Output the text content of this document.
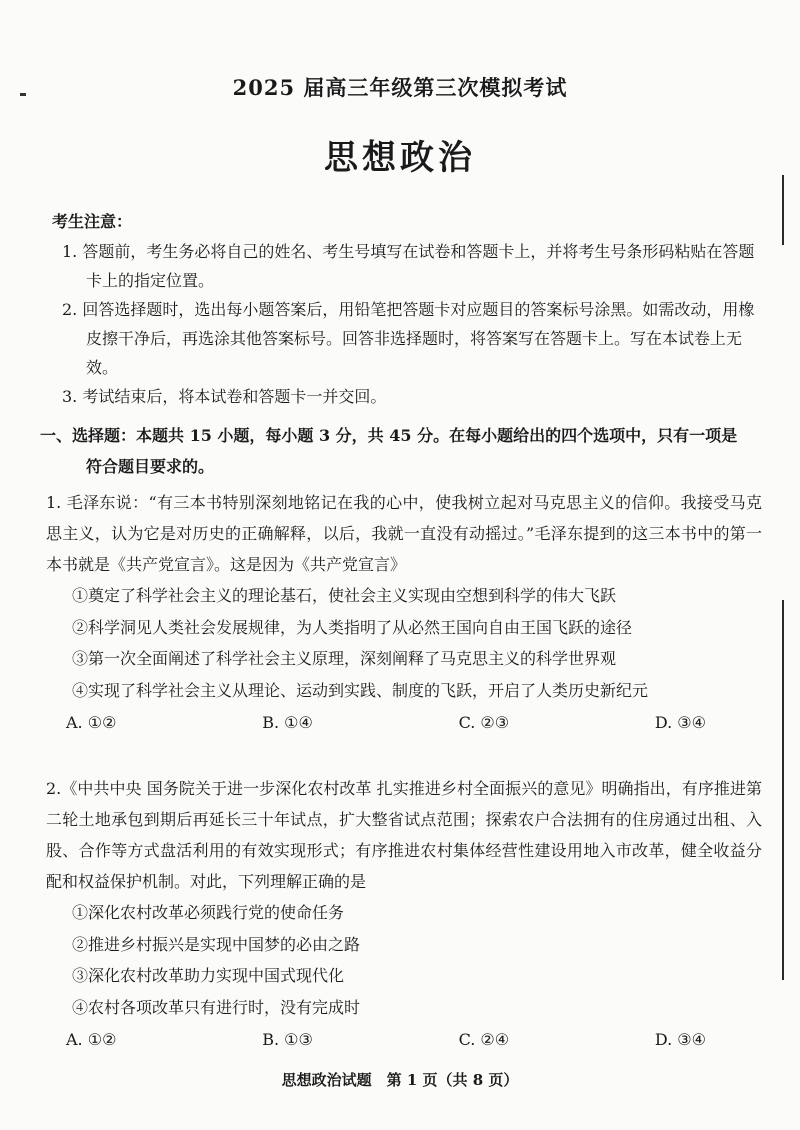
2025 届高三年级第三次模拟考试
思想政治
考生注意：
1. 答题前，考生务必将自己的姓名、考生号填写在试卷和答题卡上，并将考生号条形码粘贴在答题卡上的指定位置。
2. 回答选择题时，选出每小题答案后，用铅笔把答题卡对应题目的答案标号涂黑。如需改动，用橡皮擦干净后，再选涂其他答案标号。回答非选择题时，将答案写在答题卡上。写在本试卷上无效。
3. 考试结束后，将本试卷和答题卡一并交回。
一、选择题：本题共 15 小题，每小题 3 分，共 45 分。在每小题给出的四个选项中，只有一项是
符合题目要求的。
1. 毛泽东说：“有三本书特别深刻地铭记在我的心中，使我树立起对马克思主义的信仰。我接受马克思主义，认为它是对历史的正确解释，以后，我就一直没有动摇过。”毛泽东提到的这三本书中的第一本书就是《共产党宣言》。这是因为《共产党宣言》
①奠定了科学社会主义的理论基石，使社会主义实现由空想到科学的伟大飞跃
②科学洞见人类社会发展规律，为人类指明了从必然王国向自由王国飞跃的途径
③第一次全面阐述了科学社会主义原理，深刻阐释了马克思主义的科学世界观
④实现了科学社会主义从理论、运动到实践、制度的飞跃，开启了人类历史新纪元
A. ①②	B. ①④	C. ②③	D. ③④
2.《中共中央 国务院关于进一步深化农村改革 扎实推进乡村全面振兴的意见》明确指出，有序推进第二轮土地承包到期后再延长三十年试点，扩大整省试点范围；探索农户合法拥有的住房通过出租、入股、合作等方式盘活利用的有效实现形式；有序推进农村集体经营性建设用地入市改革，健全收益分配和权益保护机制。对此，下列理解正确的是
①深化农村改革必须践行党的使命任务
②推进乡村振兴是实现中国梦的必由之路
③深化农村改革助力实现中国式现代化
④农村各项改革只有进行时，没有完成时
A. ①②	B. ①③	C. ②④	D. ③④
思想政治试题　第 1 页（共 8 页）
